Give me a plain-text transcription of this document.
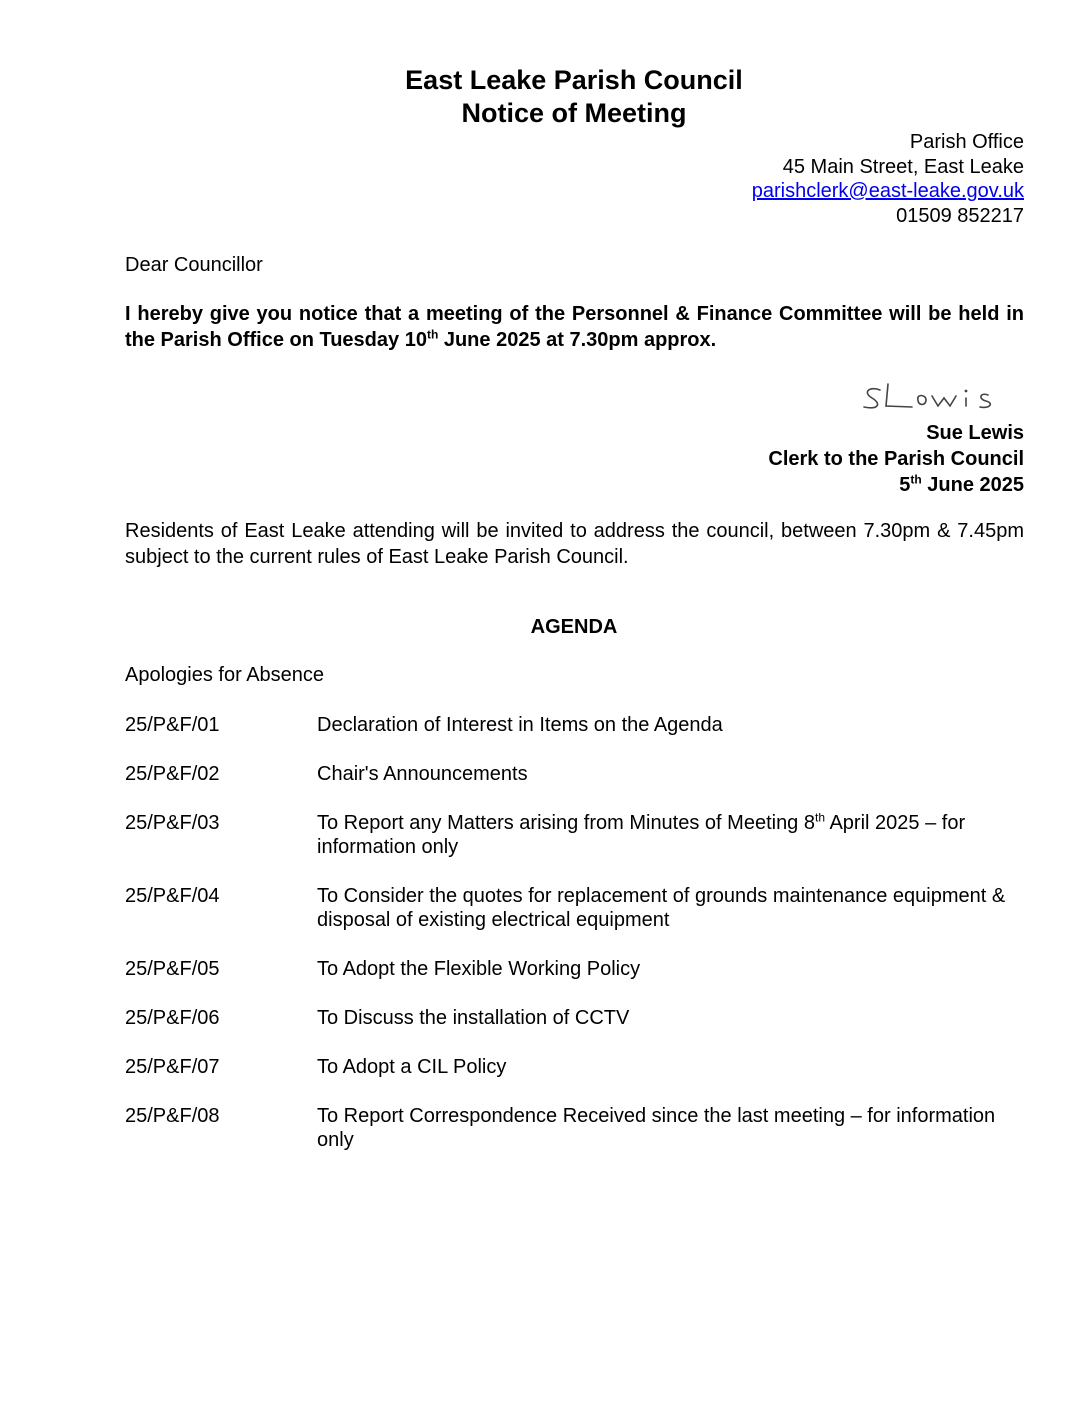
East Leake Parish Council
Notice of Meeting
Parish Office
45 Main Street, East Leake
parishclerk@east-leake.gov.uk
01509 852217
Dear Councillor
I hereby give you notice that a meeting of the Personnel & Finance Committee will be held in the Parish Office on Tuesday 10th June 2025 at 7.30pm approx.
Sue Lewis
Clerk to the Parish Council
5th June 2025
Residents of East Leake attending will be invited to address the council, between 7.30pm & 7.45pm subject to the current rules of East Leake Parish Council.
AGENDA
Apologies for Absence
25/P&F/01	Declaration of Interest in Items on the Agenda
25/P&F/02	Chair's Announcements
25/P&F/03	To Report any Matters arising from Minutes of Meeting 8th April 2025 – for information only
25/P&F/04	To Consider the quotes for replacement of grounds maintenance equipment & disposal of existing electrical equipment
25/P&F/05	To Adopt the Flexible Working Policy
25/P&F/06	To Discuss the installation of CCTV
25/P&F/07	To Adopt a CIL Policy
25/P&F/08	To Report Correspondence Received since the last meeting – for information only
